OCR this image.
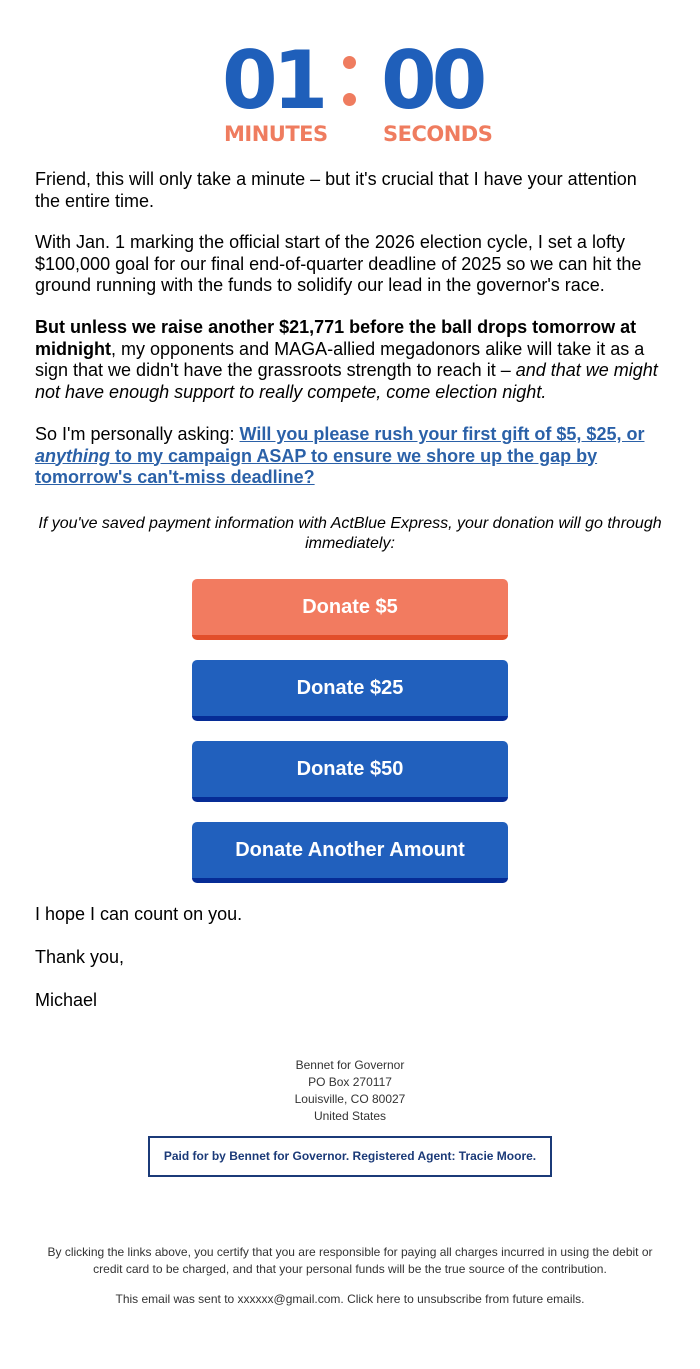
01 00
MINUTES	SECONDS

Friend, this will only take a minute – but it's crucial that I have your attention the entire time.

With Jan. 1 marking the official start of the 2026 election cycle, I set a lofty $100,000 goal for our final end-of-quarter deadline of 2025 so we can hit the ground running with the funds to solidify our lead in the governor's race.

But unless we raise another $21,771 before the ball drops tomorrow at midnight, my opponents and MAGA-allied megadonors alike will take it as a sign that we didn't have the grassroots strength to reach it – and that we might not have enough support to really compete, come election night.

So I'm personally asking: Will you please rush your first gift of $5, $25, or anything to my campaign ASAP to ensure we shore up the gap by tomorrow's can't-miss deadline?

If you've saved payment information with ActBlue Express, your donation will go through immediately:
Donate $5
Donate $25
Donate $50
Donate Another Amount
I hope I can count on you.
Thank you,
Michael
Bennet for Governor
PO Box 270117
Louisville, CO 80027
United States
Paid for by Bennet for Governor. Registered Agent: Tracie Moore.
By clicking the links above, you certify that you are responsible for paying all charges incurred in using the debit or credit card to be charged, and that your personal funds will be the true source of the contribution.
This email was sent to xxxxxx@gmail.com. Click here to unsubscribe from future emails.
